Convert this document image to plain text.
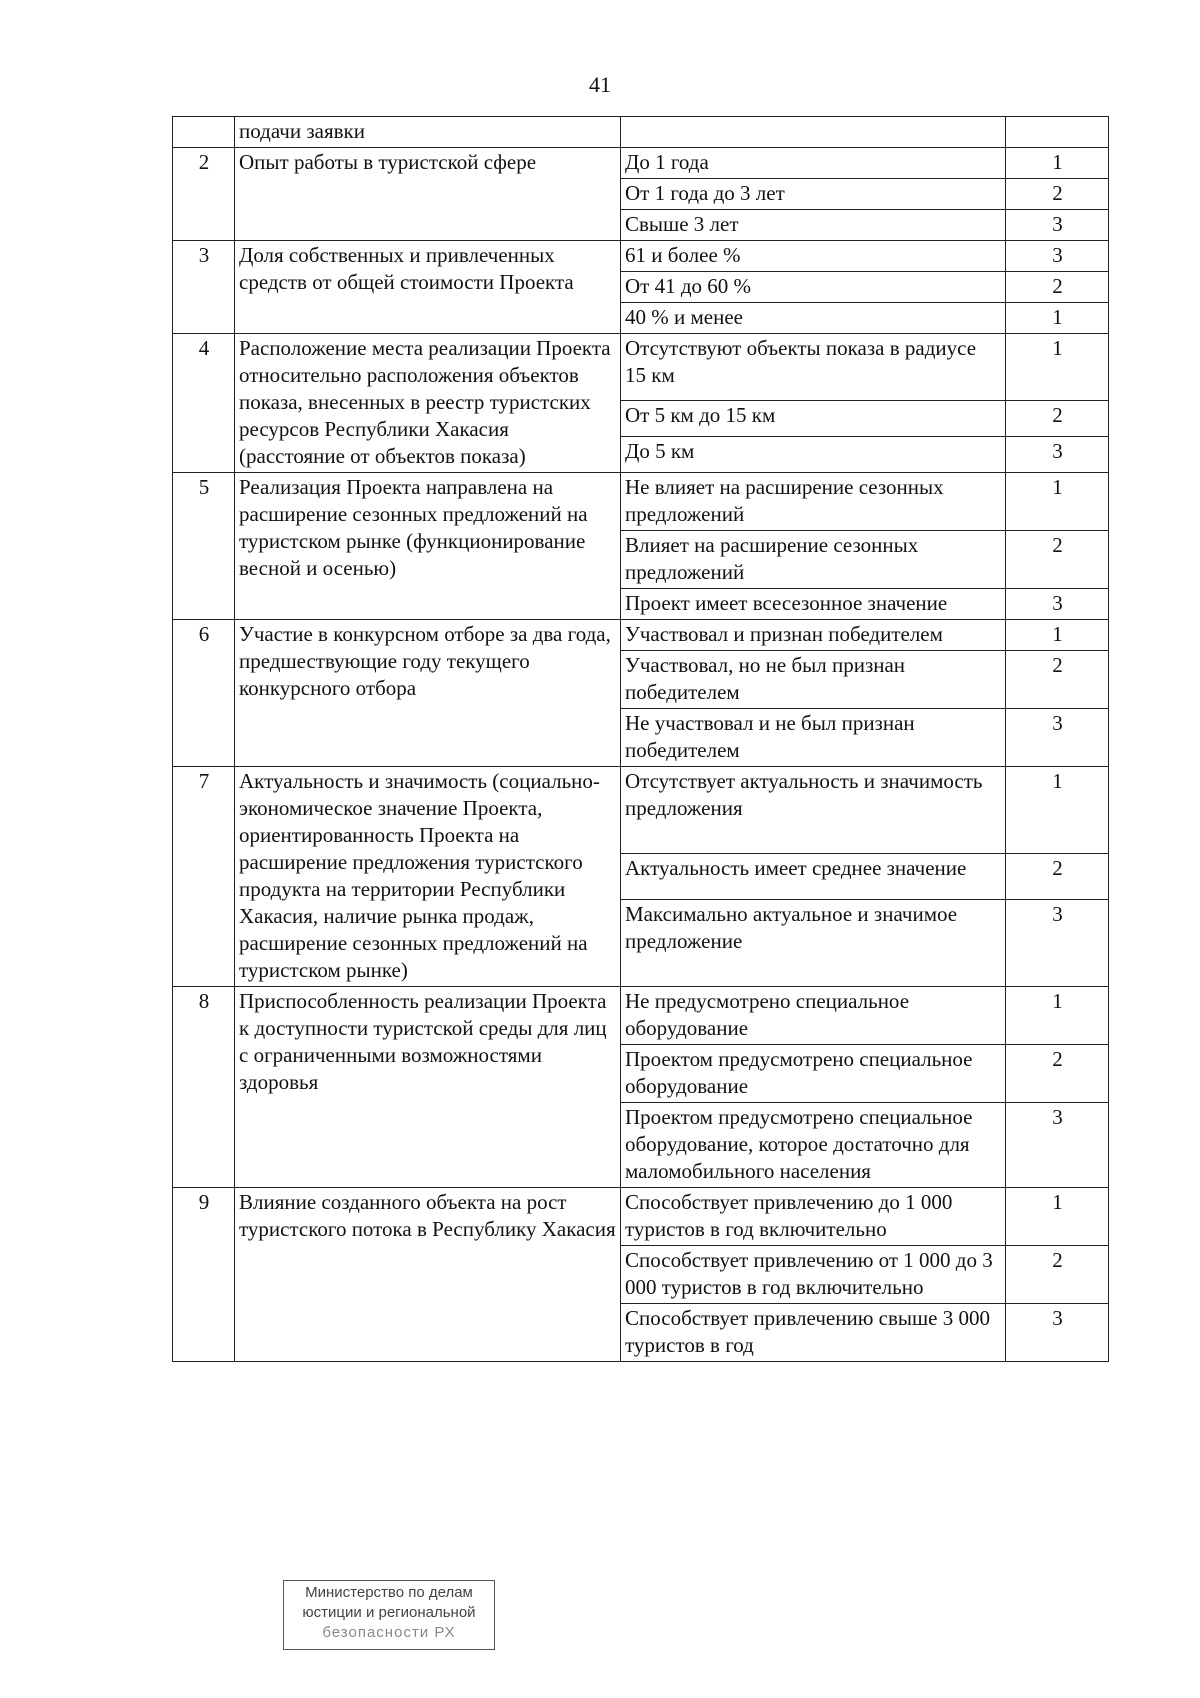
41
	подачи заявки		
2	Опыт работы в туристской сфере	До 1 года	1
		От 1 года до 3 лет	2
		Свыше 3 лет	3
3	Доля собственных и привлеченных средств от общей стоимости Проекта	61 и более %	3
		От 41 до 60 %	2
		40 % и менее	1
4	Расположение места реализации Проекта относительно расположения объектов показа, внесенных в реестр туристских ресурсов Республики Хакасия (расстояние от объектов показа)	Отсутствуют объекты показа в радиусе 15 км	1
		От 5 км до 15 км	2
		До 5 км	3
5	Реализация Проекта направлена на расширение сезонных предложений на туристском рынке (функционирование весной и осенью)	Не влияет на расширение сезонных предложений	1
		Влияет на расширение сезонных предложений	2
		Проект имеет всесезонное значение	3
6	Участие в конкурсном отборе за два года, предшествующие году текущего конкурсного отбора	Участвовал и признан победителем	1
		Участвовал, но не был признан победителем	2
		Не участвовал и не был признан победителем	3
7	Актуальность и значимость (социально-экономическое значение Проекта, ориентированность Проекта на расширение предложения туристского продукта на территории Республики Хакасия, наличие рынка продаж, расширение сезонных предложений на туристском рынке)	Отсутствует актуальность и значимость предложения	1
		Актуальность имеет среднее значение	2
		Максимально актуальное и значимое предложение	3
8	Приспособленность реализации Проекта к доступности туристской среды для лиц с ограниченными возможностями здоровья	Не предусмотрено специальное оборудование	1
		Проектом предусмотрено специальное оборудование	2
		Проектом предусмотрено специальное оборудование, которое достаточно для маломобильного населения	3
9	Влияние созданного объекта на рост туристского потока в Республику Хакасия	Способствует привлечению до 1 000 туристов в год включительно	1
		Способствует привлечению от 1 000 до 3 000 туристов в год включительно	2
		Способствует привлечению свыше 3 000 туристов в год	3
Министерство по делам
юстиции и региональной
безопасности РХ
